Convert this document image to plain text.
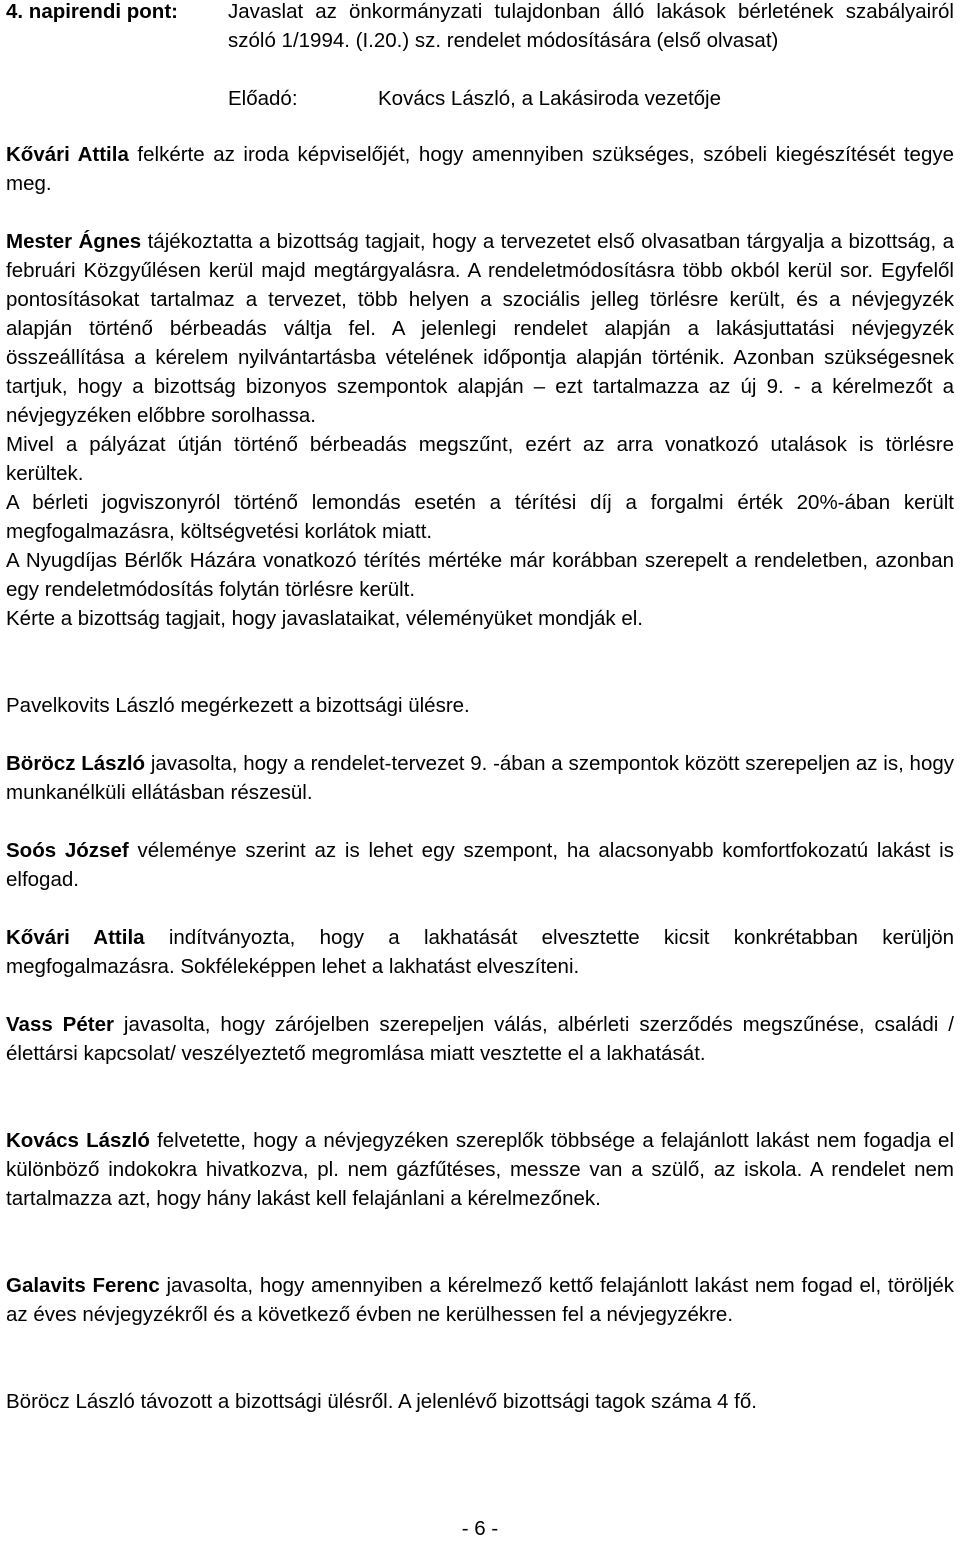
4. napirendi pont: Javaslat az önkormányzati tulajdonban álló lakások bérletének szabályairól szóló 1/1994. (I.20.) sz. rendelet módosítására (első olvasat)
Előadó:	Kovács László, a Lakásiroda vezetője

Kővári Attila felkérte az iroda képviselőjét, hogy amennyiben szükséges, szóbeli kiegészítését tegye meg.

Mester Ágnes tájékoztatta a bizottság tagjait, hogy a tervezetet első olvasatban tárgyalja a bizottság, a februári Közgyűlésen kerül majd megtárgyalásra. A rendeletmódosításra több okból kerül sor. Egyfelől pontosításokat tartalmaz a tervezet, több helyen a szociális jelleg törlésre került, és a névjegyzék alapján történő bérbeadás váltja fel. A jelenlegi rendelet alapján a lakásjuttatási névjegyzék összeállítása a kérelem nyilvántartásba vételének időpontja alapján történik. Azonban szükségesnek tartjuk, hogy a bizottság bizonyos szempontok alapján – ezt tartalmazza az új 9. - a kérelmezőt a névjegyzéken előbbre sorolhassa.

Mivel a pályázat útján történő bérbeadás megszűnt, ezért az arra vonatkozó utalások is törlésre kerültek.

A bérleti jogviszonyról történő lemondás esetén a térítési díj a forgalmi érték 20%-ában került megfogalmazásra, költségvetési korlátok miatt.

A Nyugdíjas Bérlők Házára vonatkozó térítés mértéke már korábban szerepelt a rendeletben, azonban egy rendeletmódosítás folytán törlésre került.

Kérte a bizottság tagjait, hogy javaslataikat, véleményüket mondják el.

Pavelkovits László megérkezett a bizottsági ülésre.

Böröcz László javasolta, hogy a rendelet-tervezet 9. -ában a szempontok között szerepeljen az is, hogy munkanélküli ellátásban részesül.

Soós József véleménye szerint az is lehet egy szempont, ha alacsonyabb komfortfokozatú lakást is elfogad.

Kővári Attila indítványozta, hogy a lakhatását elvesztette kicsit konkrétabban kerüljön megfogalmazásra. Sokféleképpen lehet a lakhatást elveszíteni.

Vass Péter javasolta, hogy zárójelben szerepeljen válás, albérleti szerződés megszűnése, családi /élettársi kapcsolat/ veszélyeztető megromlása miatt vesztette el a lakhatását.

Kovács László felvetette, hogy a névjegyzéken szereplők többsége a felajánlott lakást nem fogadja el különböző indokokra hivatkozva, pl. nem gázfűtéses, messze van a szülő, az iskola. A rendelet nem tartalmazza azt, hogy hány lakást kell felajánlani a kérelmezőnek.

Galavits Ferenc javasolta, hogy amennyiben a kérelmező kettő felajánlott lakást nem fogad el, töröljék az éves névjegyzékről és a következő évben ne kerülhessen fel a névjegyzékre.

Böröcz László távozott a bizottsági ülésről. A jelenlévő bizottsági tagok száma 4 fő.

- 6 -
